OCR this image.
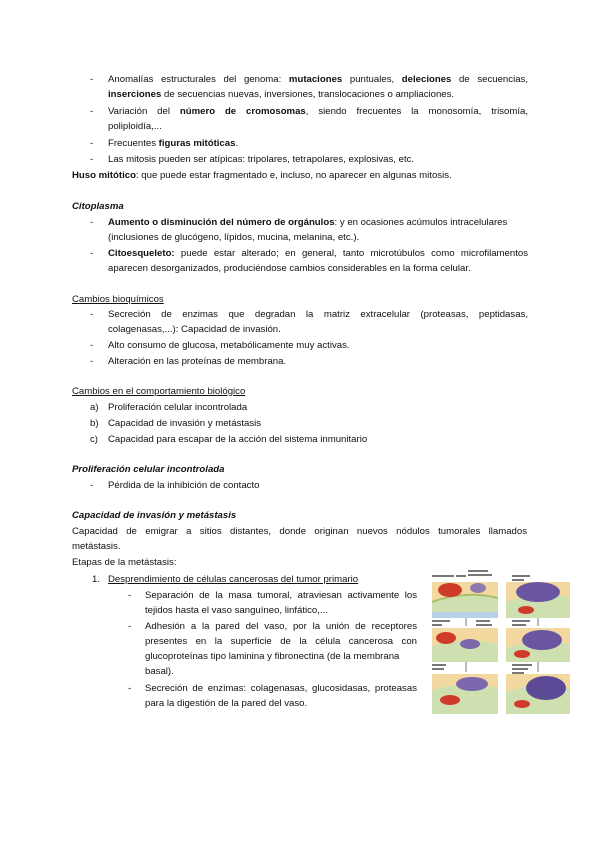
- Anomalías estructurales del genoma: mutaciones puntuales, deleciones de secuencias,
inserciones de secuencias nuevas, inversiones, translocaciones o ampliaciones.
- Variación del número de cromosomas, siendo frecuentes la monosomía, trisomía,
poliploidía,...
- Frecuentes figuras mitóticas.
- Las mitosis pueden ser atípicas: tripolares, tetrapolares, explosivas, etc.
Huso mitótico: que puede estar fragmentado e, incluso, no aparecer en algunas mitosis.
Citoplasma
- Aumento o disminución del número de orgánulos: y en ocasiones acúmulos intracelulares
(inclusiones de glucógeno, lípidos, mucina, melanina, etc.).
- Citoesqueleto: puede estar alterado; en general, tanto microtúbulos como microfilamentos
aparecen desorganizados, produciéndose cambios considerables en la forma celular.
Cambios bioquímicos
- Secreción de enzimas que degradan la matriz extracelular (proteasas, peptidasas,
colagenasas,...): Capacidad de invasión.
- Alto consumo de glucosa, metabólicamente muy activas.
- Alteración en las proteínas de membrana.
Cambios en el comportamiento biológico
a) Proliferación celular incontrolada
b) Capacidad de invasión y metástasis
c) Capacidad para escapar de la acción del sistema inmunitario
Proliferación celular incontrolada
- Pérdida de la inhibición de contacto
Capacidad de invasión y metástasis
Capacidad de emigrar a sitios distantes, donde originan nuevos nódulos tumorales llamados
metástasis.
Etapas de la metástasis:
1. Desprendimiento de células cancerosas del tumor primario
- Separación de la masa tumoral, atraviesan activamente los
tejidos hasta el vaso sanguíneo, linfático,...
- Adhesión a la pared del vaso, por la unión de receptores
presentes en la superficie de la célula cancerosa con
glucoproteínas tipo laminina y fibronectina (de la membrana
basal).
- Secreción de enzimas: colagenasas, glucosidasas, proteasas
para la digestión de la pared del vaso.
